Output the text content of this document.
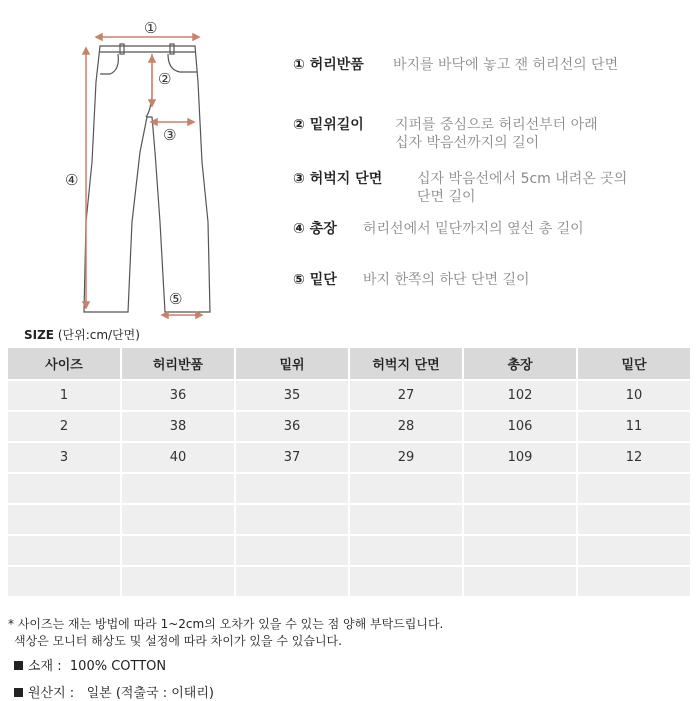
①
②
③
④
⑤
① 허리반품 바지를 바닥에 놓고 잰 허리선의 단면
② 밑위길이 지퍼를 중심으로 허리선부터 아래
십자 박음선까지의 길이
③ 허벅지 단면 십자 박음선에서 5cm 내려온 곳의
단면 길이
④ 총장 허리선에서 밑단까지의 옆선 총 길이
⑤ 밑단 바지 한쪽의 하단 단면 길이
SIZE (단위:cm/단면)
사이즈	허리반품	밑위	허벅지 단면	총장	밑단
1	36	35	27	102	10
2	38	36	28	106	11
3	40	37	29	109	12

* 사이즈는 재는 방법에 따라 1~2cm의 오차가 있을 수 있는 점 양해 부탁드립니다.
색상은 모니터 해상도 및 설정에 따라 차이가 있을 수 있습니다.
소재 : 100% COTTON
원산지 : 일본 (적출국 : 이태리)
